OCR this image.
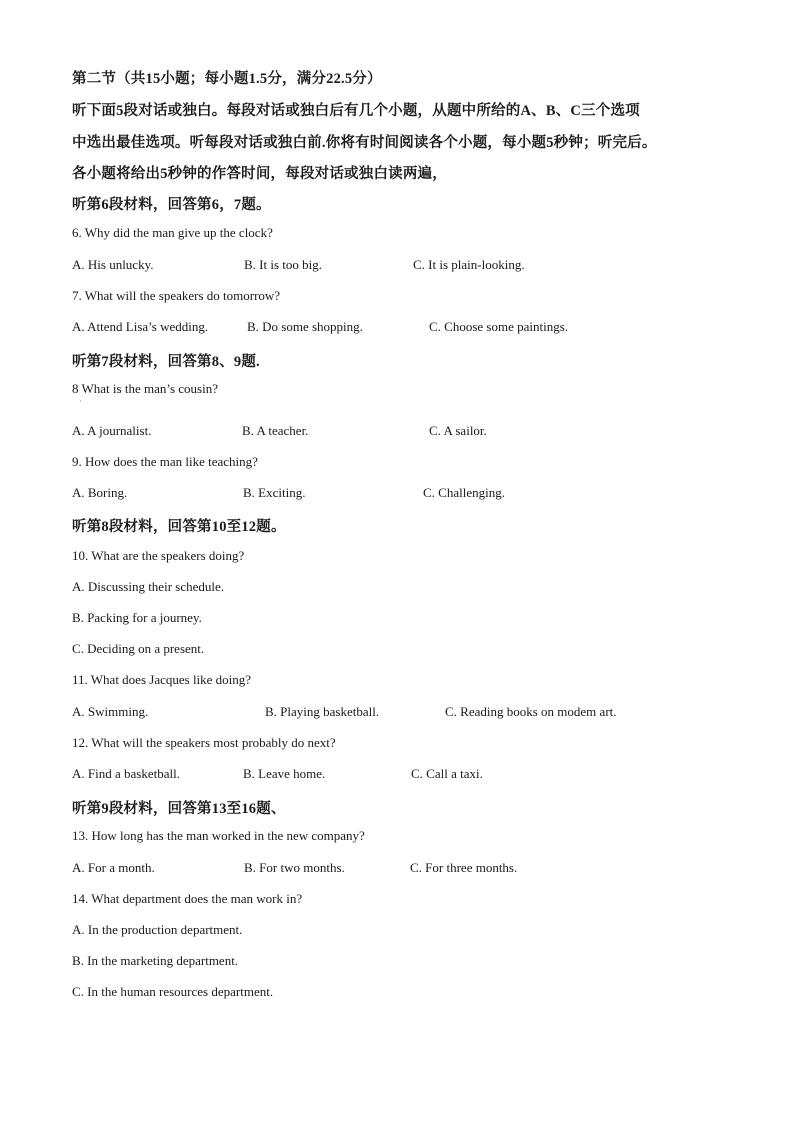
第二节（共15小题；每小题1.5分，满分22.5分）
听下面5段对话或独白。每段对话或独白后有几个小题，从题中所给的A、B、C三个选项
中选出最佳选项。听每段对话或独白前.你将有时间阅读各个小题，每小题5秒钟；听完后。
各小题将给出5秒钟的作答时间，每段对话或独白读两遍，
听第6段材料，回答第6，7题。
6. Why did the man give up the clock?
A. His unlucky.	B. It is too big.	C. It is plain-looking.
7. What will the speakers do tomorrow?
A. Attend Lisa’s wedding.	B. Do some shopping.	C. Choose some paintings.
听第7段材料，回答第8、9题.
8 What is the man’s cousin?
·
A. A journalist.	B. A teacher.	C. A sailor.
9. How does the man like teaching?
A. Boring.	B. Exciting.	C. Challenging.
听第8段材料，回答第10至12题。
10. What are the speakers doing?
A. Discussing their schedule.
B. Packing for a journey.
C. Deciding on a present.
11. What does Jacques like doing?
A. Swimming.	B. Playing basketball.	C. Reading books on modem art.
12. What will the speakers most probably do next?
A. Find a basketball.	B. Leave home.	C. Call a taxi.
听第9段材料，回答第13至16题、
13. How long has the man worked in the new company?
A. For a month.	B. For two months.	C. For three months.
14. What department does the man work in?
A. In the production department.
B. In the marketing department.
C. In the human resources department.
